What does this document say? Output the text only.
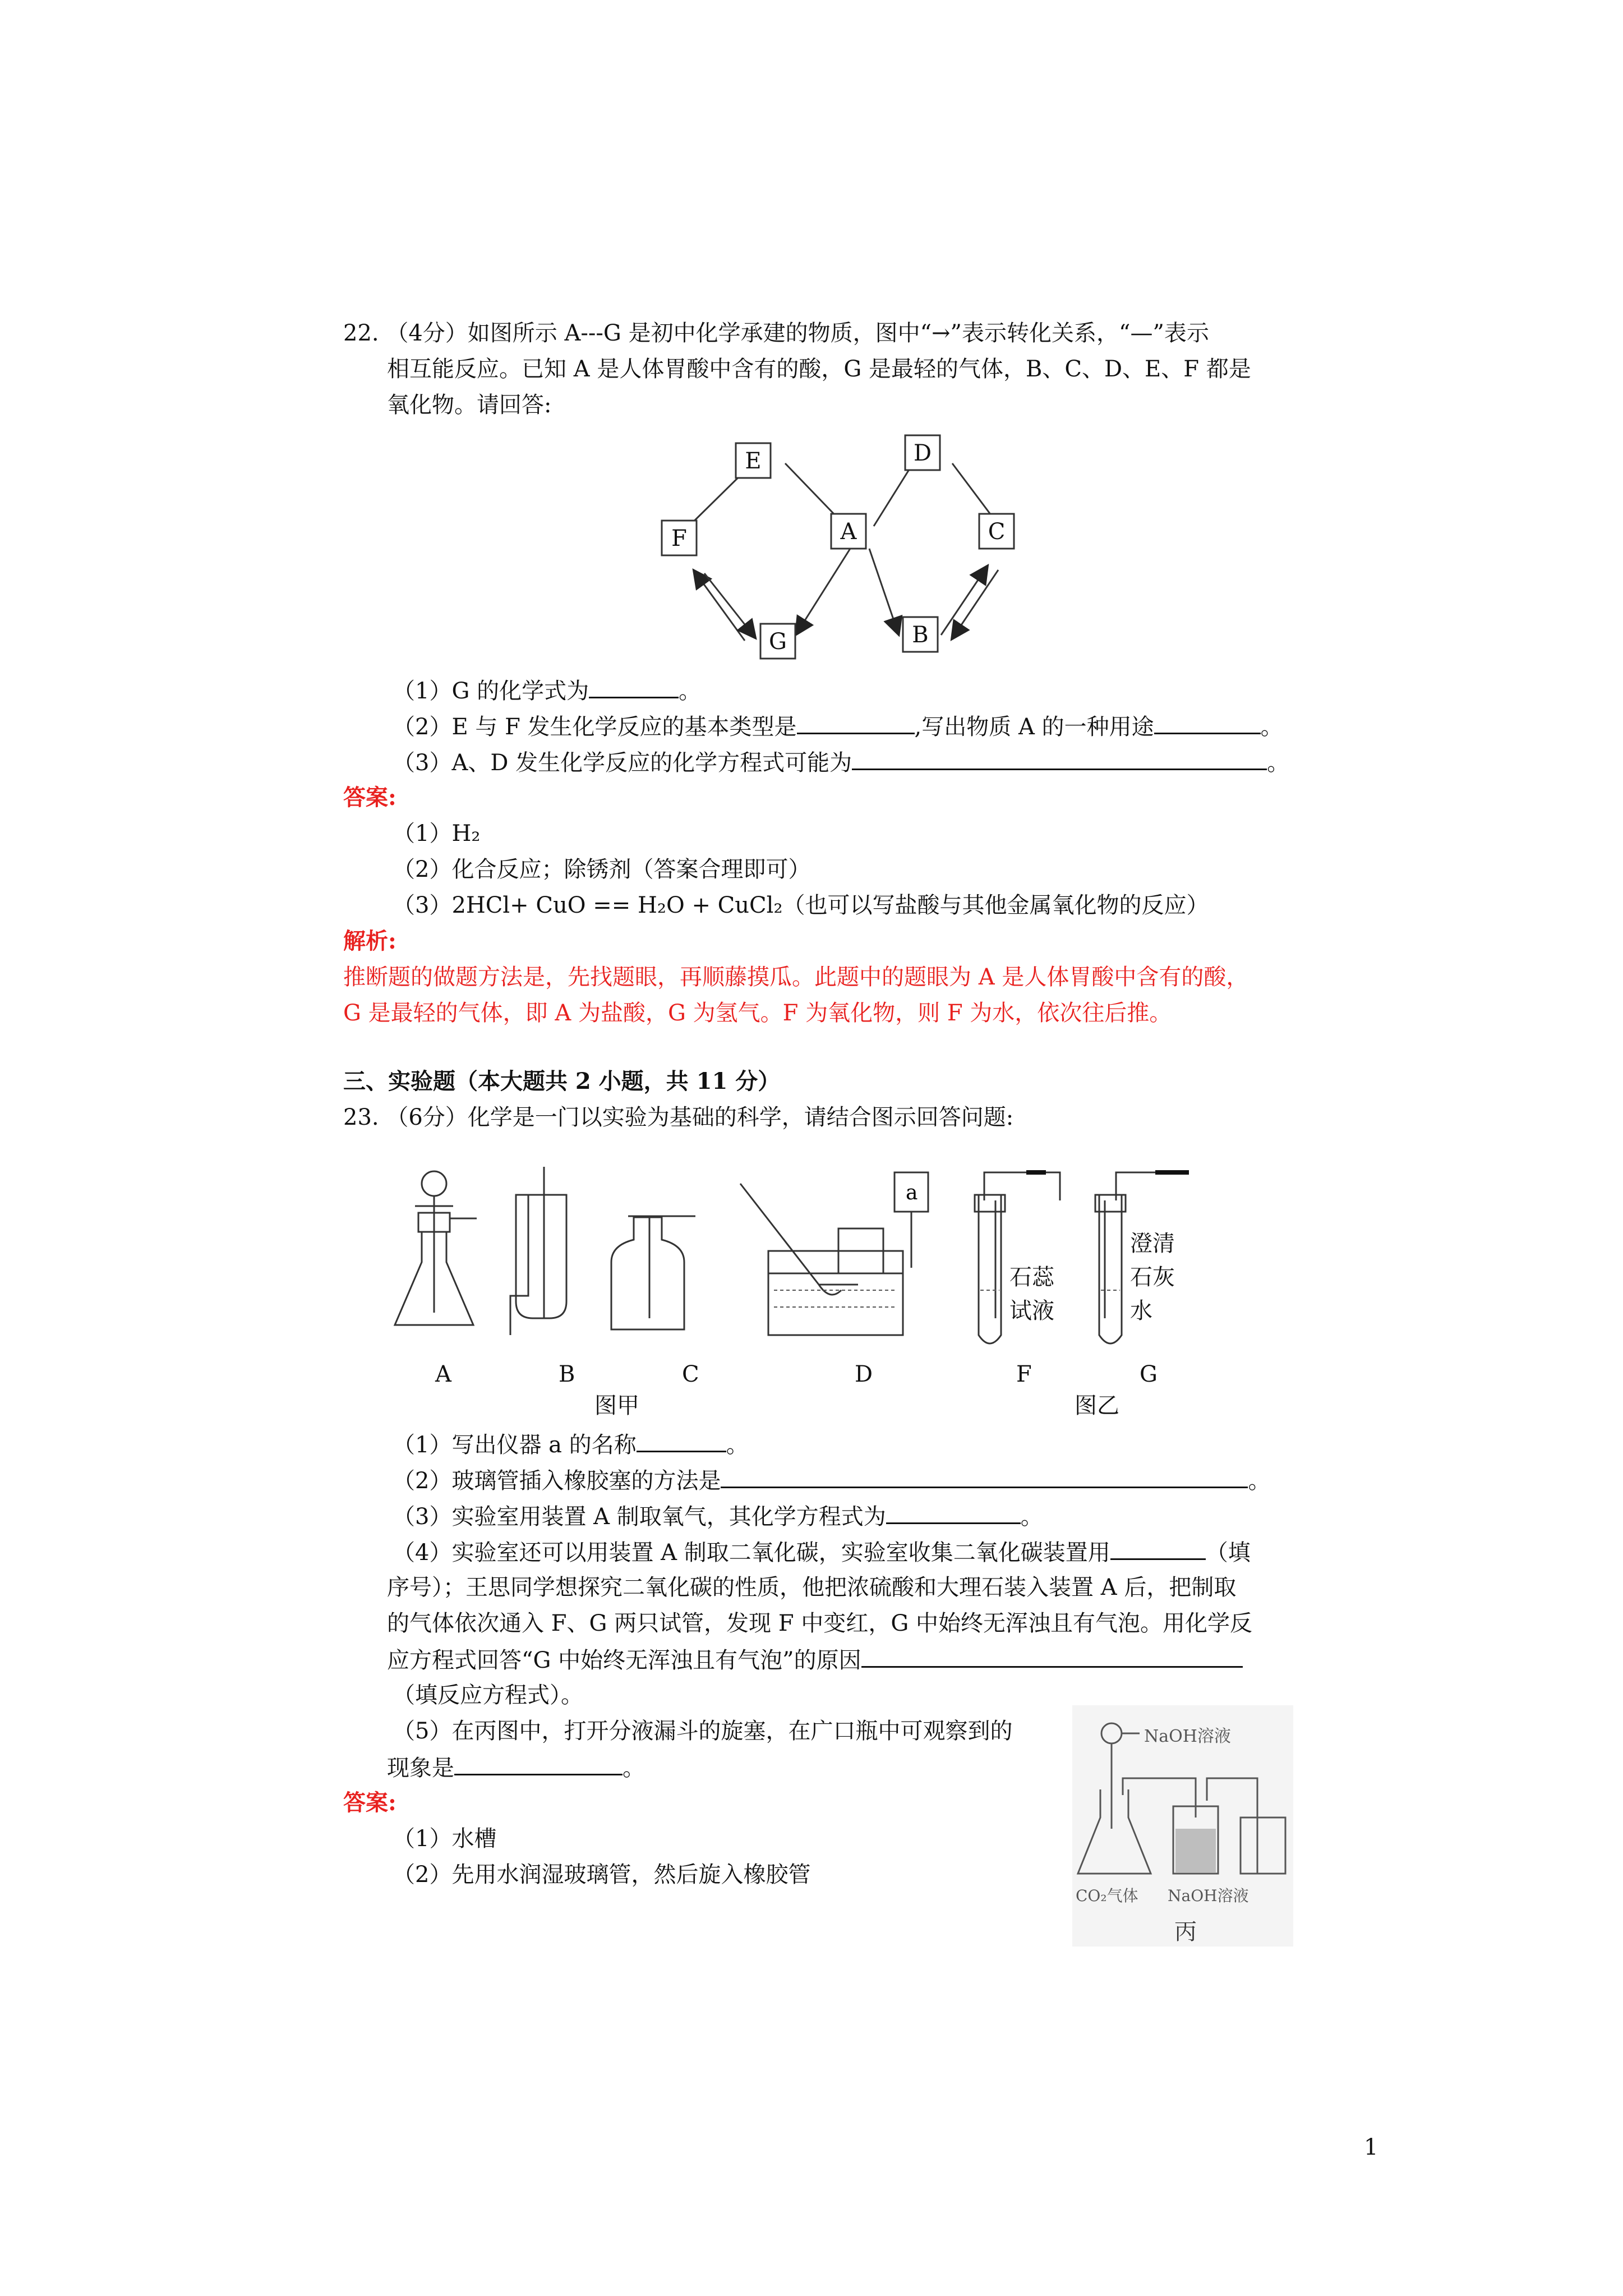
22. （4分）如图所示 A---G 是初中化学承建的物质，图中“→”表示转化关系，“—”表示
相互能反应。已知 A 是人体胃酸中含有的酸，G 是最轻的气体，B、C、D、E、F 都是
氧化物。请回答:
E	D
F	A	C
G	B
（1）G 的化学式为	。
（2）E 与 F 发生化学反应的基本类型是	,写出物质 A 的一种用途	。
（3）A、D 发生化学反应的化学方程式可能为	。
答案:
（1）H₂
（2）化合反应；除锈剂（答案合理即可）
（3）2HCl+ CuO == H₂O + CuCl₂（也可以写盐酸与其他金属氧化物的反应）
解析:
推断题的做题方法是，先找题眼，再顺藤摸瓜。此题中的题眼为 A 是人体胃酸中含有的酸，
G 是最轻的气体，即 A 为盐酸，G 为氢气。F 为氧化物，则 F 为水，依次往后推。
三、实验题（本大题共 2 小题，共 11 分）
23. （6分）化学是一门以实验为基础的科学，请结合图示回答问题:
a
石蕊
试液
澄清
石灰
水
A	B	C	D	F	G
图甲	图乙
（1）写出仪器 a 的名称	。
（2）玻璃管插入橡胶塞的方法是	。
（3）实验室用装置 A 制取氧气，其化学方程式为	。
（4）实验室还可以用装置 A 制取二氧化碳，实验室收集二氧化碳装置用	（填
序号）；王思同学想探究二氧化碳的性质，他把浓硫酸和大理石装入装置 A 后，把制取
的气体依次通入 F、G 两只试管，发现 F 中变红，G 中始终无浑浊且有气泡。用化学反
应方程式回答“G 中始终无浑浊且有气泡”的原因
（填反应方程式）。
（5）在丙图中，打开分液漏斗的旋塞，在广口瓶中可观察到的
现象是	。
NaOH溶液
CO₂气体 NaOH溶液
丙
答案:
（1）水槽
（2）先用水润湿玻璃管，然后旋入橡胶管
1
